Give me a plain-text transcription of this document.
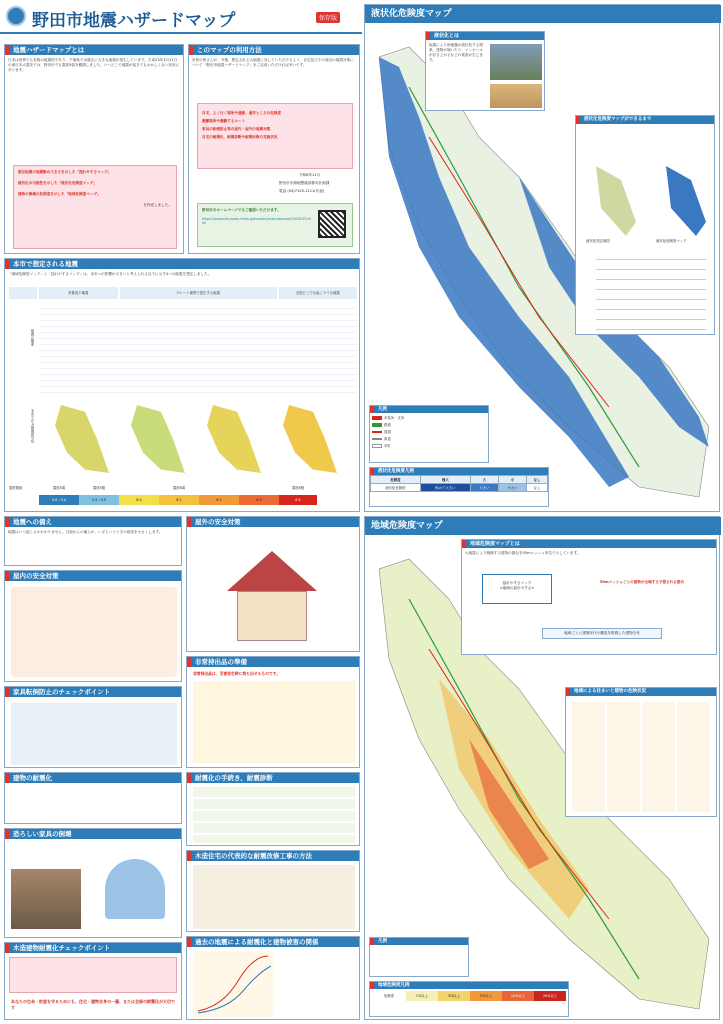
野田市地震ハザードマップ	保存版
地震ハザードマップとは
日本は世界でも有数の地震国であり、千葉県では過去に大きな地震が発生しています。平成23年3月11日の東日本大震災では、野田市でも震度5弱を観測しました。いつどこで地震が起きてもおかしくない状況にあります。
想定地震の地震動の大きさを示した「揺れやすさマップ」
液状化の可能性を示した「液状化危険度マップ」
建物の倒壊の危険度を示した「地域危険度マップ」
を作成しました。
このマップの利用方法
市民の皆さんが、今後、想定される大地震に対していただけるよう、自宅及びその周辺の地震対策について「野田市地震ハザードマップ」をご活用いただければ幸いです。
自宅、よく行く場所や通勤、通学ところの危険度
避難場所や避難するルート
家具の転倒防止等の屋内・屋外の地震対策
自宅の耐震化、耐震診断や耐震改修の実施状況
令和6年11月
野田市市街地整備部都市計画課
電話 (04)7125-1111(代表)
野田市のホームページでもご確認いただけます。
https://www.city.noda.chiba.jp/kurashi/anzen/bousai/1003233.html
本市で想定される地震
「地域危険度マップ」と「揺れやすさマップ」は、本市への影響が大きいと考えられる以下に示す4つの地震を想定しました。
首都直下地震	プレート境界で発生する地震	全国どこでも起こりうる地震
地震の概要
本市での予測震度分布
震度階級	震度5弱	震度5強	震度6弱	震度6強
5.0〜5.4	5.5〜5.9	6.0	6.1	6.2	6.3	6.4
液状化危険度マップ
液状化とは
地震により砂地盤が液状化する現象。建物が傾いたり、マンホールが浮き上がるなどの被害が生じます。
液状化危険度マップができるまで
液状化判定地図	液状化危険度マップ
凡例
市役所・支所
鉄道
国道
県道
市町
液状化危険度凡例
危険度	極大	大	小	なし
液状化危険度	極めて大きい	大きい	小さい	なし
地震への備え
地震はいつ起こるかわかりません。日頃からの備えが、いざというときの被害を小さくします。
屋内の安全対策
家具転倒防止のチェックポイント
建物の耐震化
恐ろしい家具の倒壊
木造建物耐震化チェックポイント
あなたの生命・財産を守るためにも、住宅・建物自身の一層、または全部の耐震化が大切です
屋外の安全対策
非常持出品の準備
非常持出品は、災害発生時に持ち出せるものです。
耐震化の手続き、耐震診断
木造住宅の代表的な耐震改修工事の方法
過去の地震による耐震化と建物被害の関係
地域危険度マップ
地域危険度マップとは
大地震により倒壊する建物の割合を50mメッシュ単位で示しています。
揺れやすさマップ
<地域の揺れやすさ>
50mメッシュごとの建物が全壊する予想される割合
地域ごとに建築年代や構造を推測した建物分布
地域による住まいと建物の危険状況
凡例
地域危険度凡例
危険度	1%以上	3%以上	5%以上	10%以上	20%以上
